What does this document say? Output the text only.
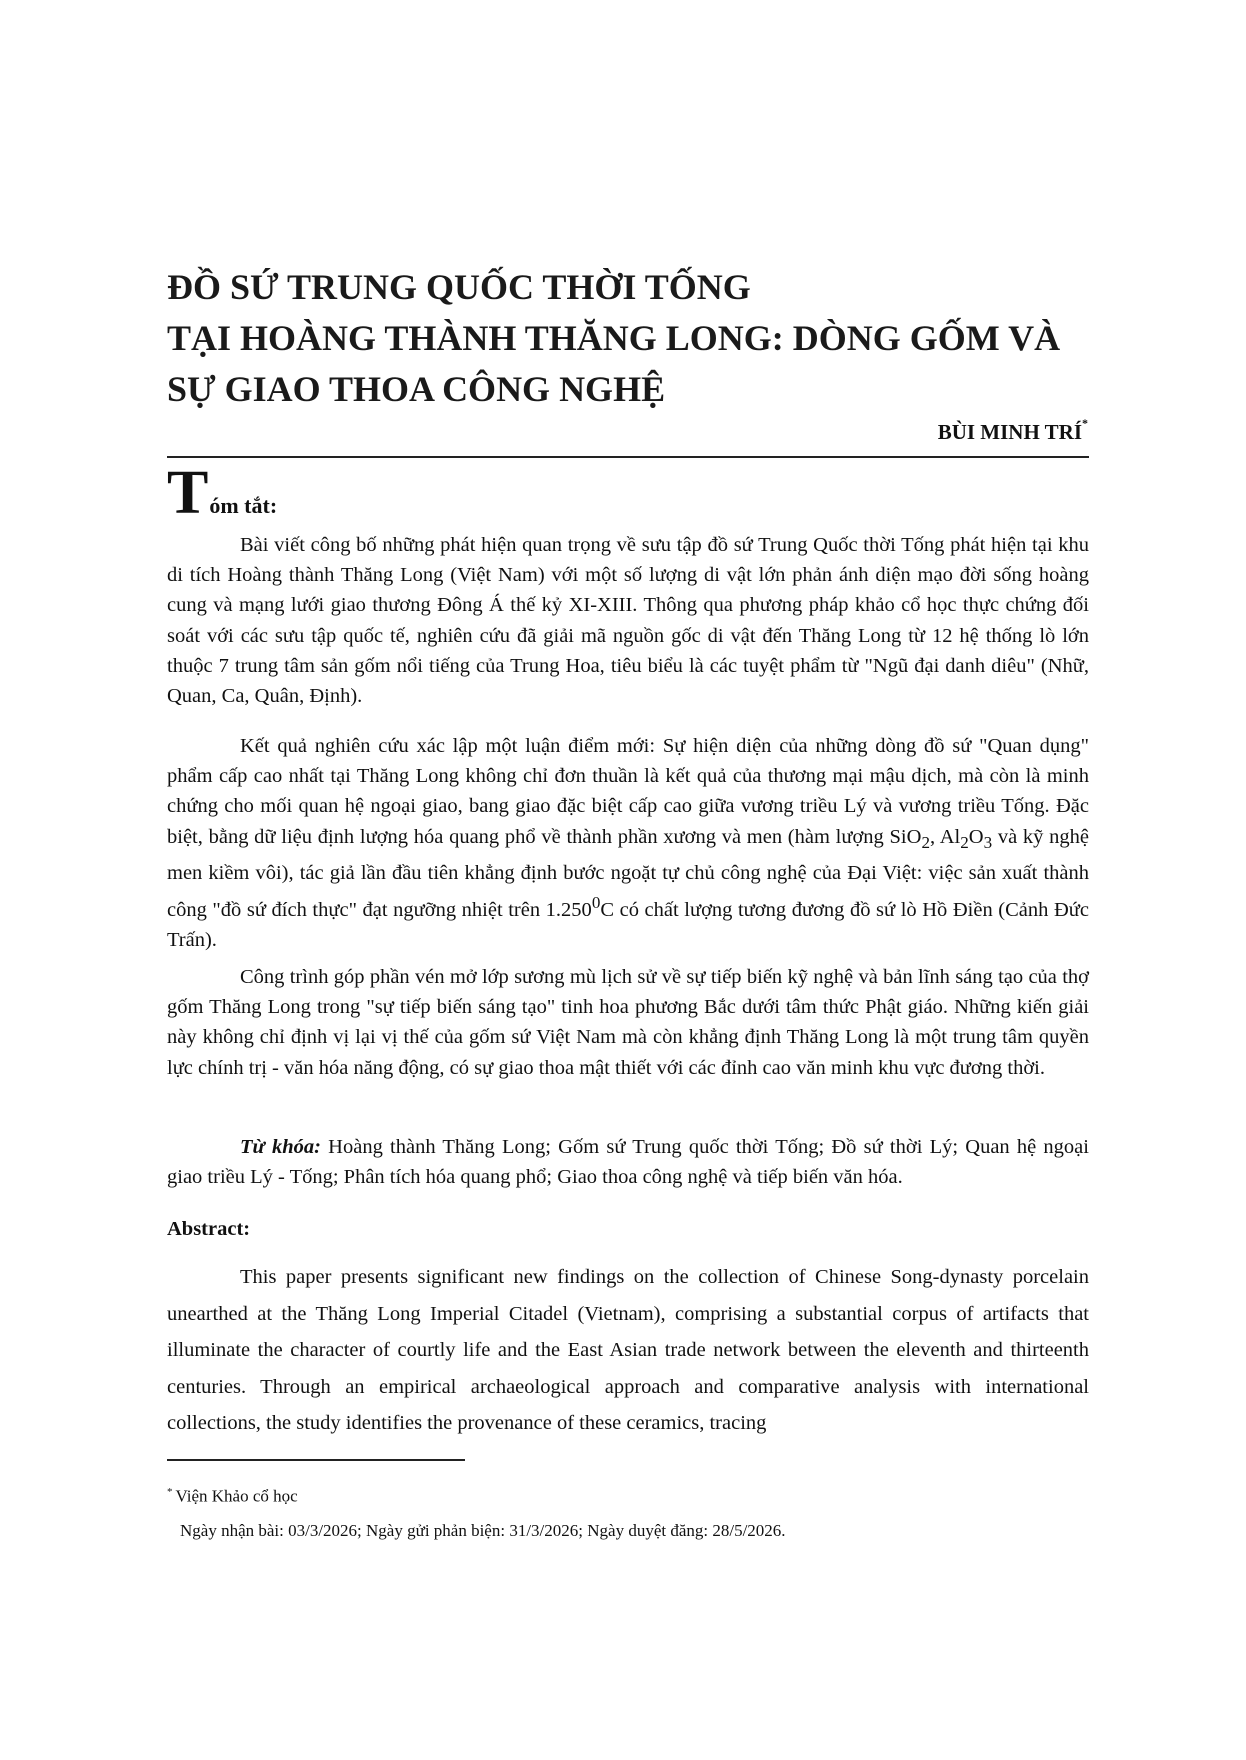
ĐỒ SỨ TRUNG QUỐC THỜI TỐNG
TẠI HOÀNG THÀNH THĂNG LONG: DÒNG GỐM VÀ
SỰ GIAO THOA CÔNG NGHỆ
BÙI MINH TRÍ*
Tóm tắt:

Bài viết công bố những phát hiện quan trọng về sưu tập đồ sứ Trung Quốc thời Tống phát hiện tại khu di tích Hoàng thành Thăng Long (Việt Nam) với một số lượng di vật lớn phản ánh diện mạo đời sống hoàng cung và mạng lưới giao thương Đông Á thế kỷ XI-XIII. Thông qua phương pháp khảo cổ học thực chứng đối soát với các sưu tập quốc tế, nghiên cứu đã giải mã nguồn gốc di vật đến Thăng Long từ 12 hệ thống lò lớn thuộc 7 trung tâm sản gốm nổi tiếng của Trung Hoa, tiêu biểu là các tuyệt phẩm từ "Ngũ đại danh diêu" (Nhữ, Quan, Ca, Quân, Định).

Kết quả nghiên cứu xác lập một luận điểm mới: Sự hiện diện của những dòng đồ sứ "Quan dụng" phẩm cấp cao nhất tại Thăng Long không chỉ đơn thuần là kết quả của thương mại mậu dịch, mà còn là minh chứng cho mối quan hệ ngoại giao, bang giao đặc biệt cấp cao giữa vương triều Lý và vương triều Tống. Đặc biệt, bằng dữ liệu định lượng hóa quang phổ về thành phần xương và men (hàm lượng SiO$_2$, $Al_2O_3$ và kỹ nghệ men kiềm vôi), tác giả lần đầu tiên khẳng định bước ngoặt tự chủ công nghệ của Đại Việt: việc sản xuất thành công "đồ sứ đích thực" đạt ngưỡng nhiệt trên 1.250$^0$C có chất lượng tương đương đồ sứ lò Hồ Điền (Cảnh Đức Trấn).

Công trình góp phần vén mở lớp sương mù lịch sử về sự tiếp biến kỹ nghệ và bản lĩnh sáng tạo của thợ gốm Thăng Long trong "sự tiếp biến sáng tạo" tinh hoa phương Bắc dưới tâm thức Phật giáo. Những kiến giải này không chỉ định vị lại vị thế của gốm sứ Việt Nam mà còn khẳng định Thăng Long là một trung tâm quyền lực chính trị - văn hóa năng động, có sự giao thoa mật thiết với các đỉnh cao văn minh khu vực đương thời.

Từ khóa: Hoàng thành Thăng Long; Gốm sứ Trung quốc thời Tống; Đồ sứ thời Lý; Quan hệ ngoại giao triều Lý - Tống; Phân tích hóa quang phổ; Giao thoa công nghệ và tiếp biến văn hóa.

Abstract:

This paper presents significant new findings on the collection of Chinese Song-dynasty porcelain unearthed at the Thăng Long Imperial Citadel (Vietnam), comprising a substantial corpus of artifacts that illuminate the character of courtly life and the East Asian trade network between the eleventh and thirteenth centuries. Through an empirical archaeological approach and comparative analysis with international collections, the study identifies the provenance of these ceramics, tracing

* Viện Khảo cổ học
Ngày nhận bài: 03/3/2026; Ngày gửi phản biện: 31/3/2026; Ngày duyệt đăng: 28/5/2026.
